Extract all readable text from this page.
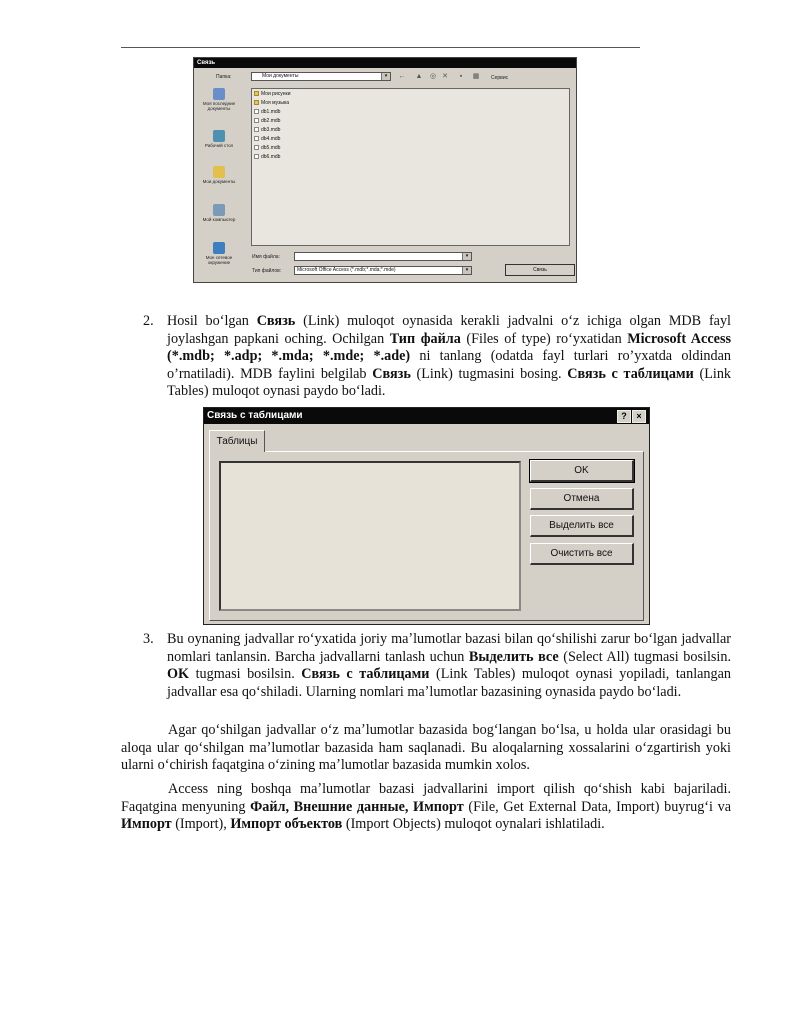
Связь
Папка:	Мои документы	▾	← ▲ ◎ ✕	▪	▦ Сервис
Моя последние документы
Рабочий стол
Мои документы
Мой компьютер
Мое сетевое окружение
Мои рисунки
Моя музыка
db1.mdb
db2.mdb
db3.mdb
db4.mdb
db5.mdb
db6.mdb
Имя файла:	▾
Тип файлов:	Microsoft Office Access (*.mdb;*.mdа;*.mde)	▾	Связь
2. Hosil boʻlgan Связь (Link) muloqot oynasida kerakli jadvalni oʻz ichiga olgan MDB fayl joylashgan papkani oching. Ochilgan Тип файла (Files of type) roʻyxatidan Microsoft Access (*.mdb; *.adp; *.mda; *.mde; *.ade) ni tanlang (odatda fayl turlari ro’yxatda oldindan o’rnatiladi). MDB faylini belgilab Связь (Link) tugmasini bosing. Связь с таблицами (Link Tables) muloqot oynasi paydo boʻladi.

Связь с таблицами	?	×
Таблицы
OK
Отмена
Выделить все
Очистить все
3. Bu oynaning jadvallar roʻyxatida joriy maʼlumotlar bazasi bilan qoʻshilishi zarur boʻlgan jadvallar nomlari tanlansin. Barcha jadvallarni tanlash uchun Выделить все (Select All) tugmasi bosilsin. OK tugmasi bosilsin. Связь с таблицами (Link Tables) muloqot oynasi yopiladi, tanlangan jadvallar esa qoʻshiladi. Ularning nomlari maʼlumotlar bazasining oynasida paydo boʻladi.

Agar qoʻshilgan jadvallar oʻz maʼlumotlar bazasida bogʻlangan boʻlsa, u holda ular orasidagi bu aloqa ular qoʻshilgan maʼlumotlar bazasida ham saqlanadi. Bu aloqalarning xossalarini oʻzgartirish yoki ularni oʻchirish faqatgina oʻzining maʼlumotlar bazasida mumkin xolos.

Access ning boshqa maʼlumotlar bazasi jadvallarini import qilish qoʻshish kabi bajariladi. Faqatgina menyuning Файл, Внешние данные, Импорт (File, Get External Data, Import) buyrugʻi va Импорт (Import), Импорт объектов (Import Objects) muloqot oynalari ishlatiladi.
